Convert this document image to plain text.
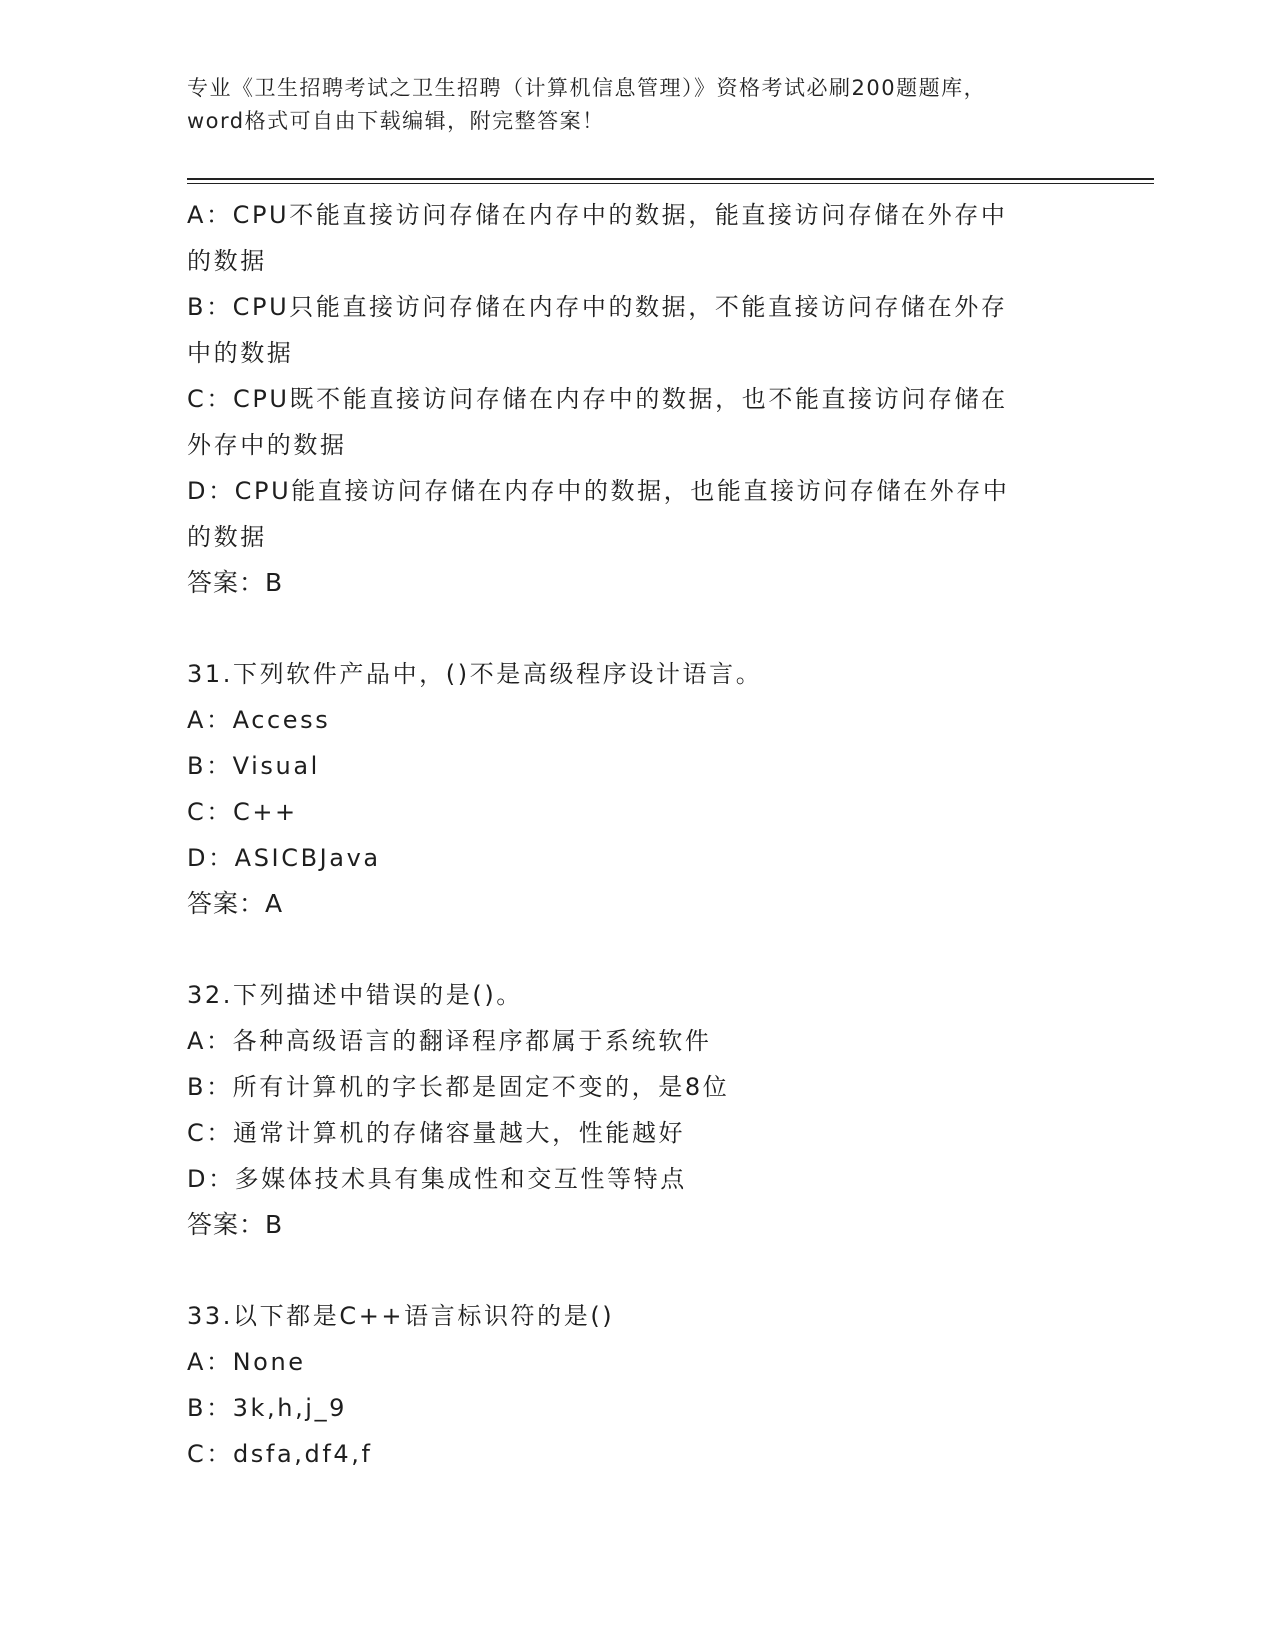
专业《卫生招聘考试之卫生招聘（计算机信息管理）》资格考试必刷200题题库，
word格式可自由下载编辑，附完整答案！
A：CPU不能直接访问存储在内存中的数据，能直接访问存储在外存中
的数据
B：CPU只能直接访问存储在内存中的数据，不能直接访问存储在外存
中的数据
C：CPU既不能直接访问存储在内存中的数据，也不能直接访问存储在
外存中的数据
D：CPU能直接访问存储在内存中的数据，也能直接访问存储在外存中
的数据
答案：B
31.下列软件产品中，()不是高级程序设计语言。
A：Access
B：Visual
C：C++
D：ASICBJava
答案：A
32.下列描述中错误的是()。
A：各种高级语言的翻译程序都属于系统软件
B：所有计算机的字长都是固定不变的，是8位
C：通常计算机的存储容量越大，性能越好
D：多媒体技术具有集成性和交互性等特点
答案：B
33.以下都是C++语言标识符的是()
A：None
B：3k,h,j_9
C：dsfa,df4,f
